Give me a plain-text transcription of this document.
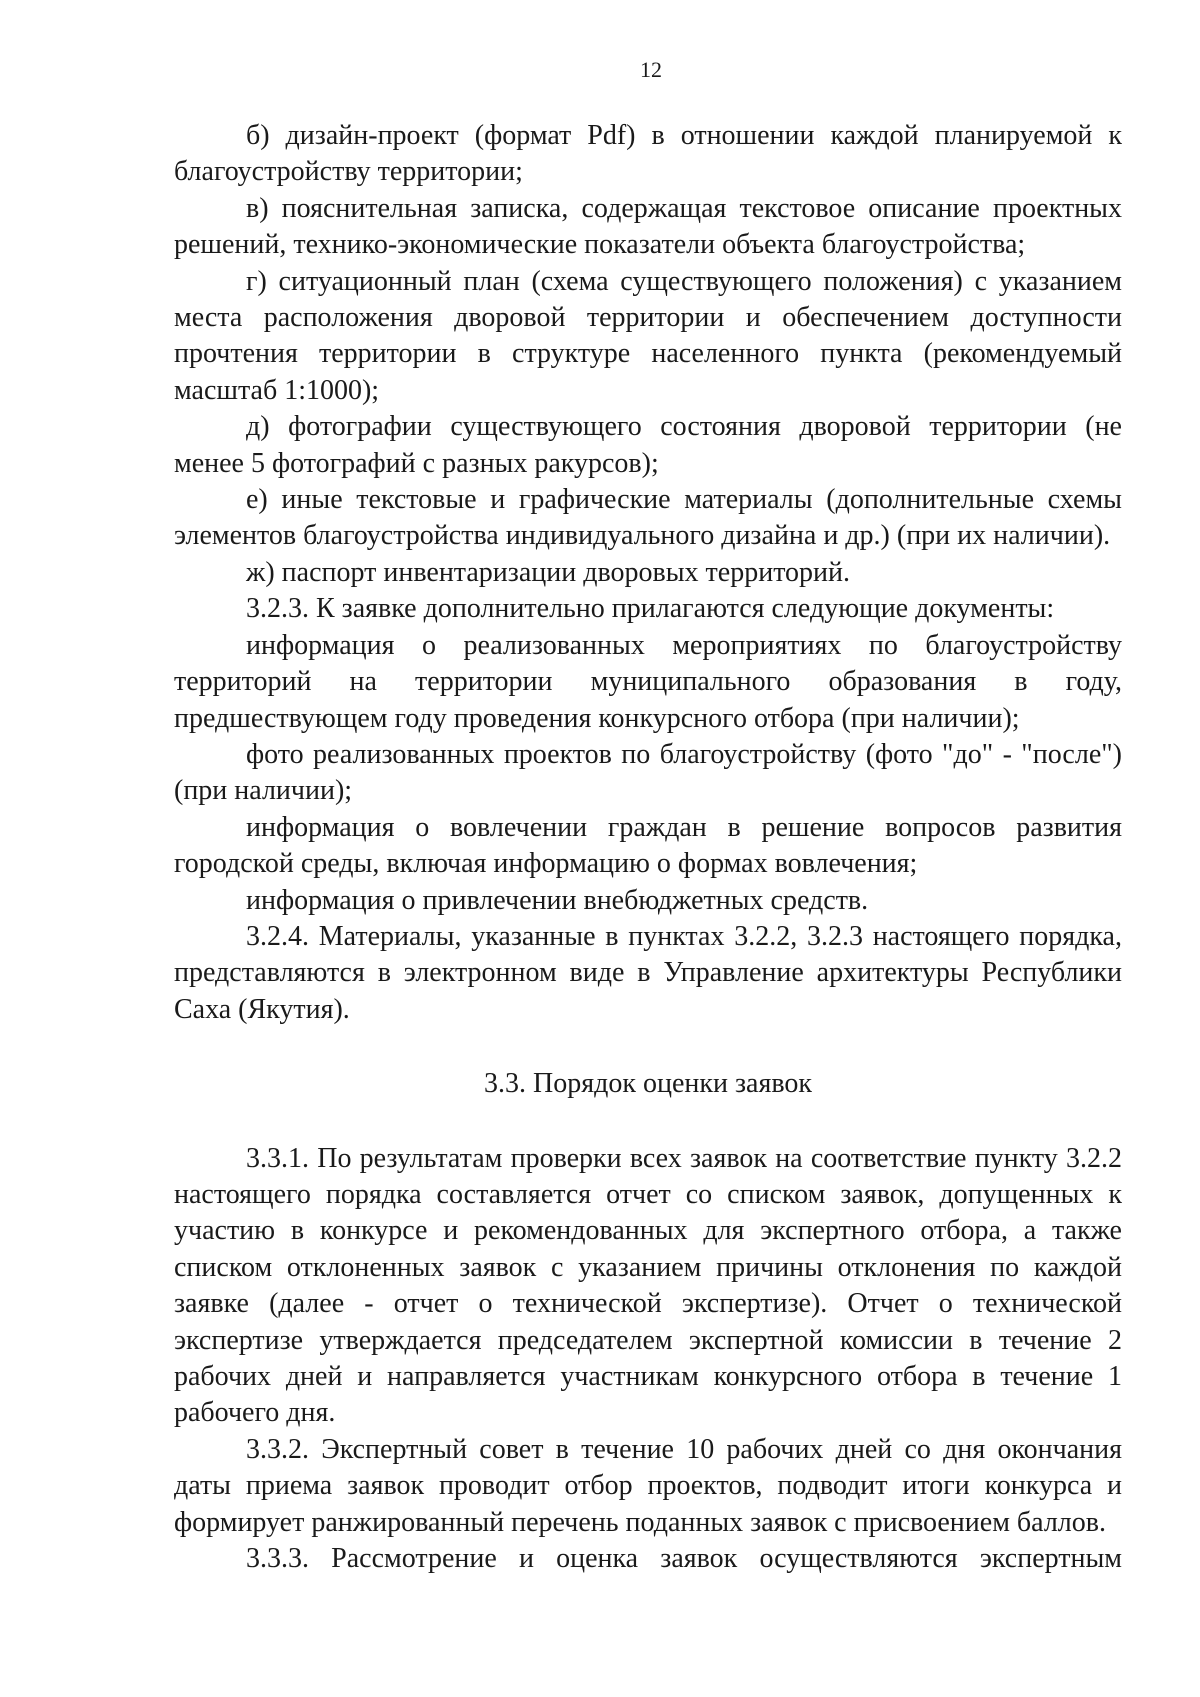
12

б) дизайн-проект (формат Pdf) в отношении каждой планируемой к благоустройству территории;

в) пояснительная записка, содержащая текстовое описание проектных решений, технико-экономические показатели объекта благоустройства;

г) ситуационный план (схема существующего положения) с указанием места расположения дворовой территории и обеспечением доступности прочтения территории в структуре населенного пункта (рекомендуемый масштаб 1:1000);

д) фотографии существующего состояния дворовой территории (не менее 5 фотографий с разных ракурсов);

е) иные текстовые и графические материалы (дополнительные схемы элементов благоустройства индивидуального дизайна и др.) (при их наличии).

ж) паспорт инвентаризации дворовых территорий.

3.2.3. К заявке дополнительно прилагаются следующие документы:

информация о реализованных мероприятиях по благоустройству территорий на территории муниципального образования в году, предшествующем году проведения конкурсного отбора (при наличии);

фото реализованных проектов по благоустройству (фото "до" - "после") (при наличии);

информация о вовлечении граждан в решение вопросов развития городской среды, включая информацию о формах вовлечения;

информация о привлечении внебюджетных средств.

3.2.4. Материалы, указанные в пунктах 3.2.2, 3.2.3 настоящего порядка, представляются в электронном виде в Управление архитектуры Республики Саха (Якутия).

3.3. Порядок оценки заявок

3.3.1. По результатам проверки всех заявок на соответствие пункту 3.2.2 настоящего порядка составляется отчет со списком заявок, допущенных к участию в конкурсе и рекомендованных для экспертного отбора, а также списком отклоненных заявок с указанием причины отклонения по каждой заявке (далее - отчет о технической экспертизе). Отчет о технической экспертизе утверждается председателем экспертной комиссии в течение 2 рабочих дней и направляется участникам конкурсного отбора в течение 1 рабочего дня.

3.3.2. Экспертный совет в течение 10 рабочих дней со дня окончания даты приема заявок проводит отбор проектов, подводит итоги конкурса и формирует ранжированный перечень поданных заявок с присвоением баллов.

3.3.3. Рассмотрение и оценка заявок осуществляются экспертным
